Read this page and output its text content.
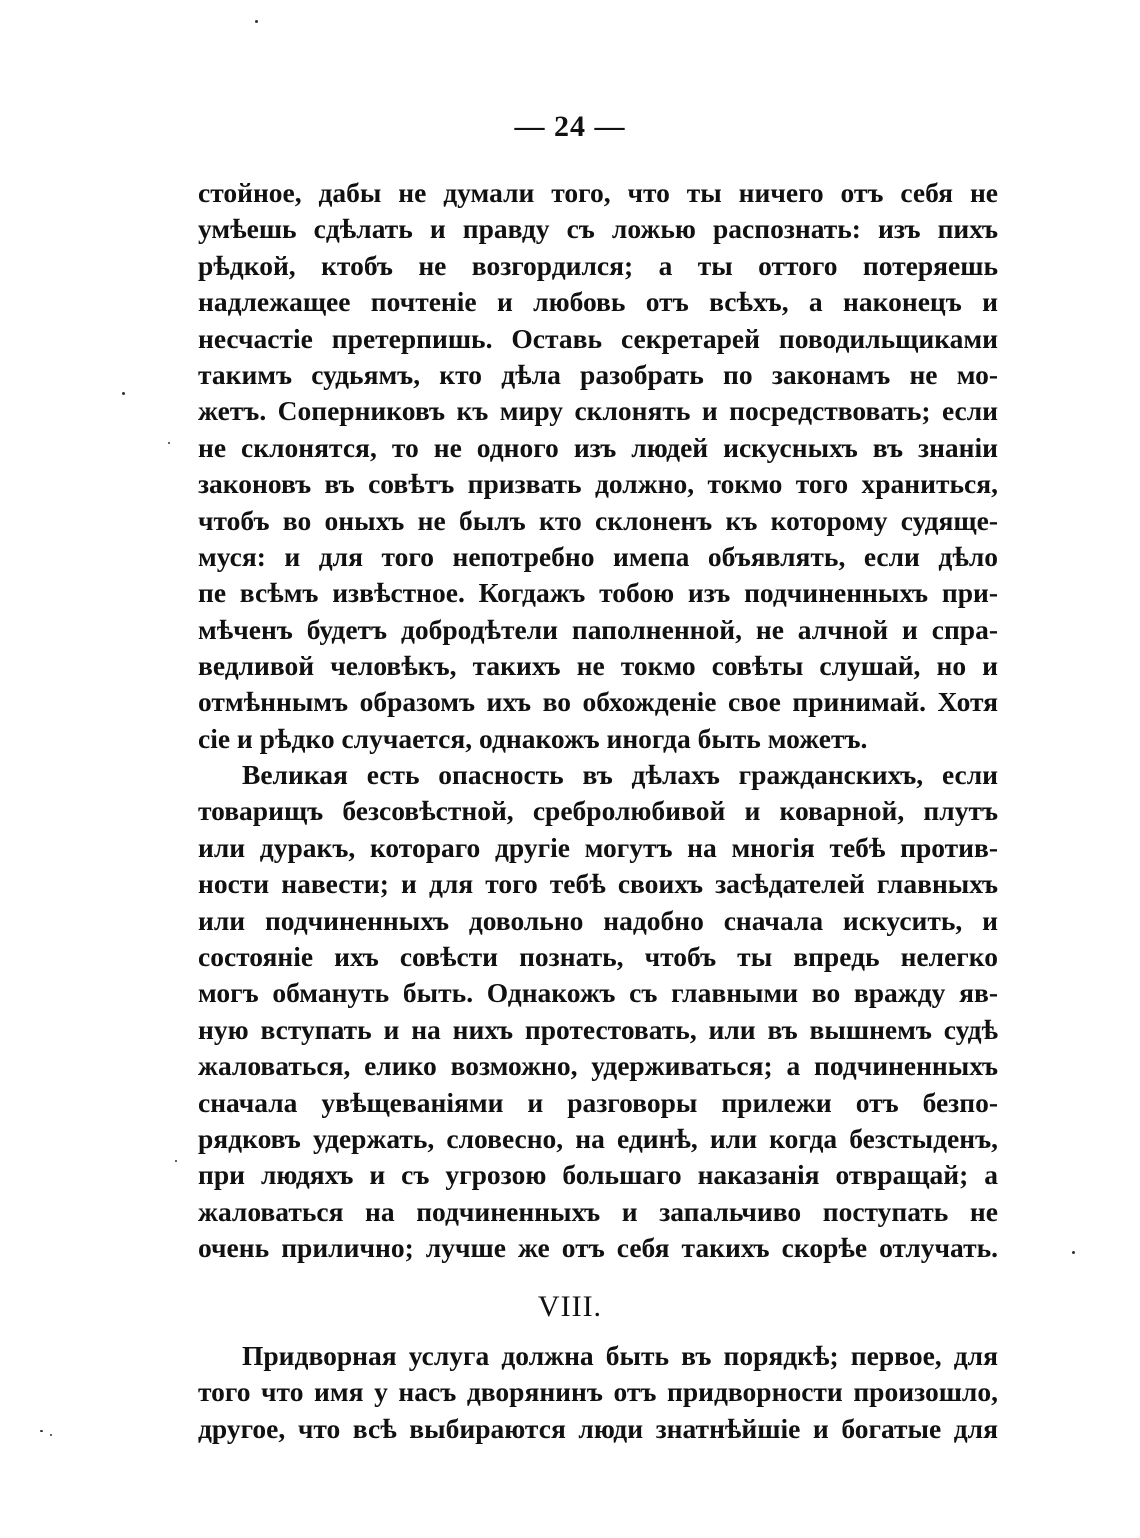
— 24 —
стойное, дабы не думали того, что ты ничего отъ себя не
умѣешь сдѣлать и правду съ ложью распознать: изъ пихъ
рѣдкой, ктобъ не возгордился; а ты оттого потеряешь
надлежащее почтеніе и любовь отъ всѣхъ, а наконецъ и
несчастіе претерпишь. Оставь секретарей поводильщиками
такимъ судьямъ, кто дѣла разобрать по законамъ не мо-
жетъ. Соперниковъ къ миру склонять и посредствовать; если
не склонятся, то не одного изъ людей искусныхъ въ знаніи
законовъ въ совѣтъ призвать должно, токмо того храниться,
чтобъ во оныхъ не былъ кто склоненъ къ которому судяще-
муся: и для того непотребно имепа объявлять, если дѣло
пе всѣмъ извѣстное. Когдажъ тобою изъ подчиненныхъ при-
мѣченъ будетъ добродѣтели паполненной, не алчной и спра-
ведливой человѣкъ, такихъ не токмо совѣты слушай, но и
отмѣннымъ образомъ ихъ во обхожденіе свое принимай. Хотя
сіе и рѣдко случается, однакожъ иногда быть можетъ.
Великая есть опасность въ дѣлахъ гражданскихъ, если
товарищъ безсовѣстной, сребролюбивой и коварной, плутъ
или дуракъ, котораго другіе могутъ на многія тебѣ против-
ности навести; и для того тебѣ своихъ засѣдателей главныхъ
или подчиненныхъ довольно надобно сначала искусить, и
состояніе ихъ совѣсти познать, чтобъ ты впредь нелегко
могъ обмануть быть. Однакожъ съ главными во вражду яв-
ную вступать и на нихъ протестовать, или въ вышнемъ судѣ
жаловаться, елико возможно, удерживаться; а подчиненныхъ
сначала увѣщеваніями и разговоры прилежи отъ безпо-
рядковъ удержать, словесно, на единѣ, или когда безстыденъ,
при людяхъ и съ угрозою большаго наказанія отвращай; а
жаловаться на подчиненныхъ и запальчиво поступать не
очень прилично; лучше же отъ себя такихъ скорѣе отлучать.
VIII.
Придворная услуга должна быть въ порядкѣ; первое, для
того что имя у насъ дворянинъ отъ придворности произошло,
другое, что всѣ выбираются люди знатнѣйшіе и богатые для
